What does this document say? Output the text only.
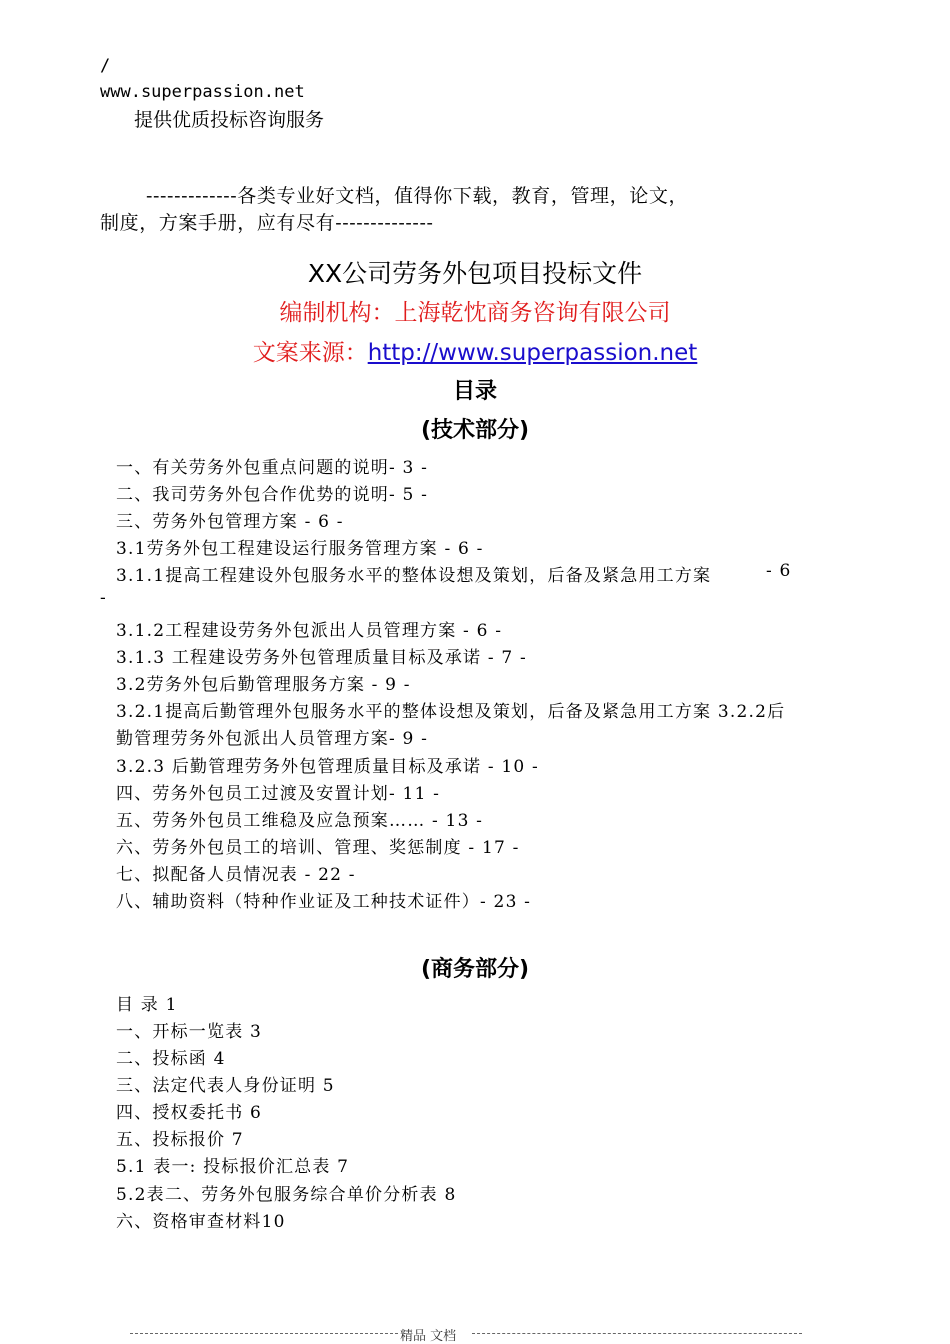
/
www.superpassion.net
提供优质投标咨询服务
-------------各类专业好文档，值得你下载，教育，管理，论文，
制度，方案手册，应有尽有--------------
XX公司劳务外包项目投标文件
编制机构：上海乾忱商务咨询有限公司
文案来源：http://www.superpassion.net
目录
(技术部分)
一、有关劳务外包重点问题的说明- 3 -
二、我司劳务外包合作优势的说明- 5 -
三、劳务外包管理方案 - 6 -
3.1劳务外包工程建设运行服务管理方案 - 6 -
3.1.1提高工程建设外包服务水平的整体设想及策划，后备及紧急用工方案	- 6
-
3.1.2工程建设劳务外包派出人员管理方案 - 6 -
3.1.3 工程建设劳务外包管理质量目标及承诺 - 7 -
3.2劳务外包后勤管理服务方案 - 9 -
3.2.1提高后勤管理外包服务水平的整体设想及策划，后备及紧急用工方案 3.2.2后
勤管理劳务外包派出人员管理方案- 9 -
3.2.3 后勤管理劳务外包管理质量目标及承诺 - 10 -
四、劳务外包员工过渡及安置计划- 11 -
五、劳务外包员工维稳及应急预案…… - 13 -
六、劳务外包员工的培训、管理、奖惩制度 - 17 -
七、拟配备人员情况表 - 22 -
八、辅助资料（特种作业证及工种技术证件）- 23 -
(商务部分)
目 录 1
一、开标一览表 3
二、投标函 4
三、法定代表人身份证明 5
四、授权委托书 6
五、投标报价 7
5.1 表一: 投标报价汇总表 7
5.2表二、劳务外包服务综合单价分析表 8
六、资格审查材料10
精品 文档
